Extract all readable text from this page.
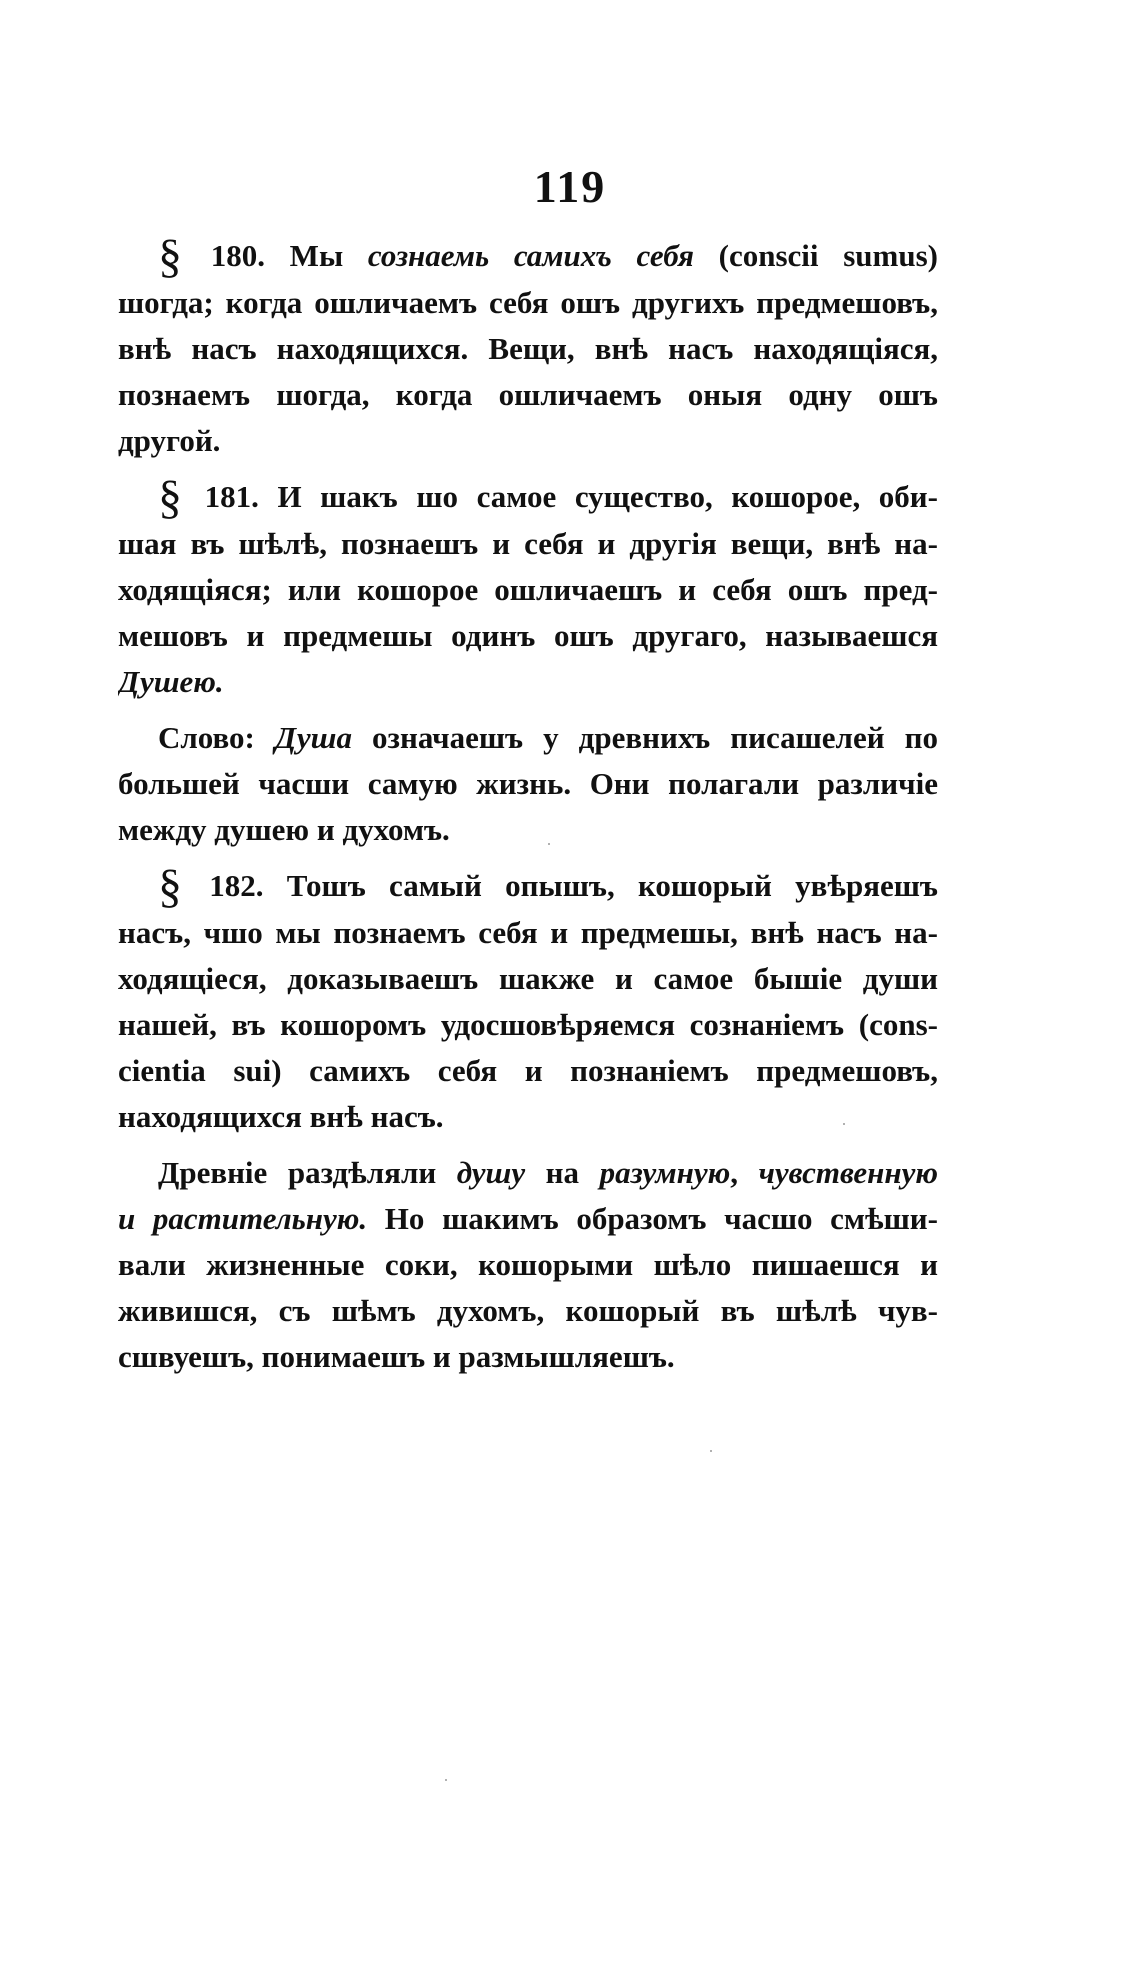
119
§ 180. Мы сознаемь самихъ себя (conscii sumus)
шогда; когда ошличаемъ себя ошъ другихъ предмешовъ,
внѣ насъ находящихся. Вещи, внѣ насъ находящіяся,
познаемъ шогда, когда ошличаемъ оныя одну ошъ
другой.
§ 181. И шакъ шо самое существо, кошорое, оби-
шая въ шѣлѣ, познаешъ и себя и другія вещи, внѣ на-
ходящіяся; или кошорое ошличаешъ и себя ошъ пред-
мешовъ и предмешы одинъ ошъ другаго, называешся
Душею.
Слово: Душа означаешъ у древнихъ писашелей по
большей часши самую жизнь. Они полагали различіе
между душею и духомъ.
§ 182. Тошъ самый опышъ, кошорый увѣряешъ
насъ, чшо мы познаемъ себя и предмешы, внѣ насъ на-
ходящіеся, доказываешъ шакже и самое бышіе души
нашей, въ кошоромъ удосшовѣряемся сознаніемъ (cons-
cientia sui) самихъ себя и познаніемъ предмешовъ,
находящихся внѣ насъ.
Древніе раздѣляли душу на разумную, чувственную
и растительную. Но шакимъ образомъ часшо смѣши-
вали жизненные соки, кошорыми шѣло пишаешся и
живишся, съ шѣмъ духомъ, кошорый въ шѣлѣ чув-
сшвуешъ, понимаешъ и размышляешъ.
